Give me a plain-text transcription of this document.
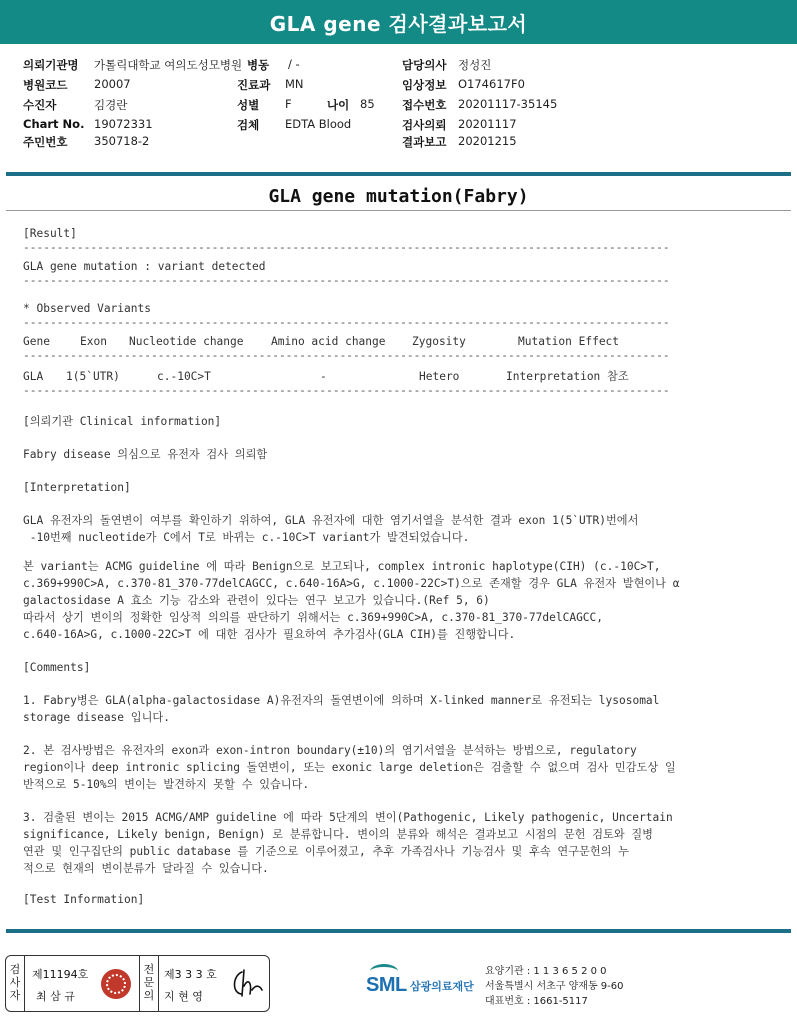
GLA gene 검사결과보고서
의뢰기관명 가톨릭대학교 여의도성모병원 병동 / -	담당의사 정성진
병원코드 20007	진료과 MN	임상정보 O174617F0
수진자	김경란	성별 F	나이 85 접수번호 20201117-35145
Chart No. 19072331	검체 EDTA Blood	검사의뢰 20201117
주민번호 350718-2	결과보고 20201215
GLA gene mutation(Fabry)
[Result]
------------------------------------------------------------------------------------------------
GLA gene mutation : variant detected
------------------------------------------------------------------------------------------------
* Observed Variants
------------------------------------------------------------------------------------------------
Gene	Exon Nucleotide change Amino acid change Zygosity	Mutation Effect
------------------------------------------------------------------------------------------------
GLA 1(5`UTR)	c.-10C>T	-	Hetero	Interpretation 참조
------------------------------------------------------------------------------------------------
[의뢰기관 Clinical information]
Fabry disease 의심으로 유전자 검사 의뢰함
[Interpretation]
GLA 유전자의 돌연변이 여부를 확인하기 위하여, GLA 유전자에 대한 염기서열을 분석한 결과 exon 1(5`UTR)번에서
-10번째 nucleotide가 C에서 T로 바뀌는 c.-10C>T variant가 발견되었습니다.
본 variant는 ACMG guideline 에 따라 Benign으로 보고되나, complex intronic haplotype(CIH) (c.-10C>T,
c.369+990C>A, c.370-81_370-77delCAGCC, c.640-16A>G, c.1000-22C>T)으로 존재할 경우 GLA 유전자 발현이나 α
galactosidase A 효소 기능 감소와 관련이 있다는 연구 보고가 있습니다.(Ref 5, 6)
따라서 상기 변이의 정확한 임상적 의의를 판단하기 위해서는 c.369+990C>A, c.370-81_370-77delCAGCC,
c.640-16A>G, c.1000-22C>T 에 대한 검사가 필요하여 추가검사(GLA CIH)를 진행합니다.
[Comments]
1. Fabry병은 GLA(alpha-galactosidase A)유전자의 돌연변이에 의하며 X-linked manner로 유전되는 lysosomal
storage disease 입니다.
2. 본 검사방법은 유전자의 exon과 exon-intron boundary(±10)의 염기서열을 분석하는 방법으로, regulatory
region이나 deep intronic splicing 돌연변이, 또는 exonic large deletion은 검출할 수 없으며 검사 민감도상 일
반적으로 5-10%의 변이는 발견하지 못할 수 있습니다.
3. 검출된 변이는 2015 ACMG/AMP guideline 에 따라 5단계의 변이(Pathogenic, Likely pathogenic, Uncertain
significance, Likely benign, Benign) 로 분류합니다. 변이의 분류와 해석은 결과보고 시점의 문헌 검토와 질병
연관 및 인구집단의 public database 를 기준으로 이루어졌고, 추후 가족검사나 기능검사 및 후속 연구문헌의 누
적으로 현재의 변이분류가 달라질 수 있습니다.
[Test Information]
검
사
자
제11194호
최 삼 규
전
문
의
제3 3 3 호
지 현 영
SML 삼광의료재단
요양기관 : 1 1 3 6 5 2 0 0
서울특별시 서초구 양재동 9-60
대표번호 : 1661-5117
